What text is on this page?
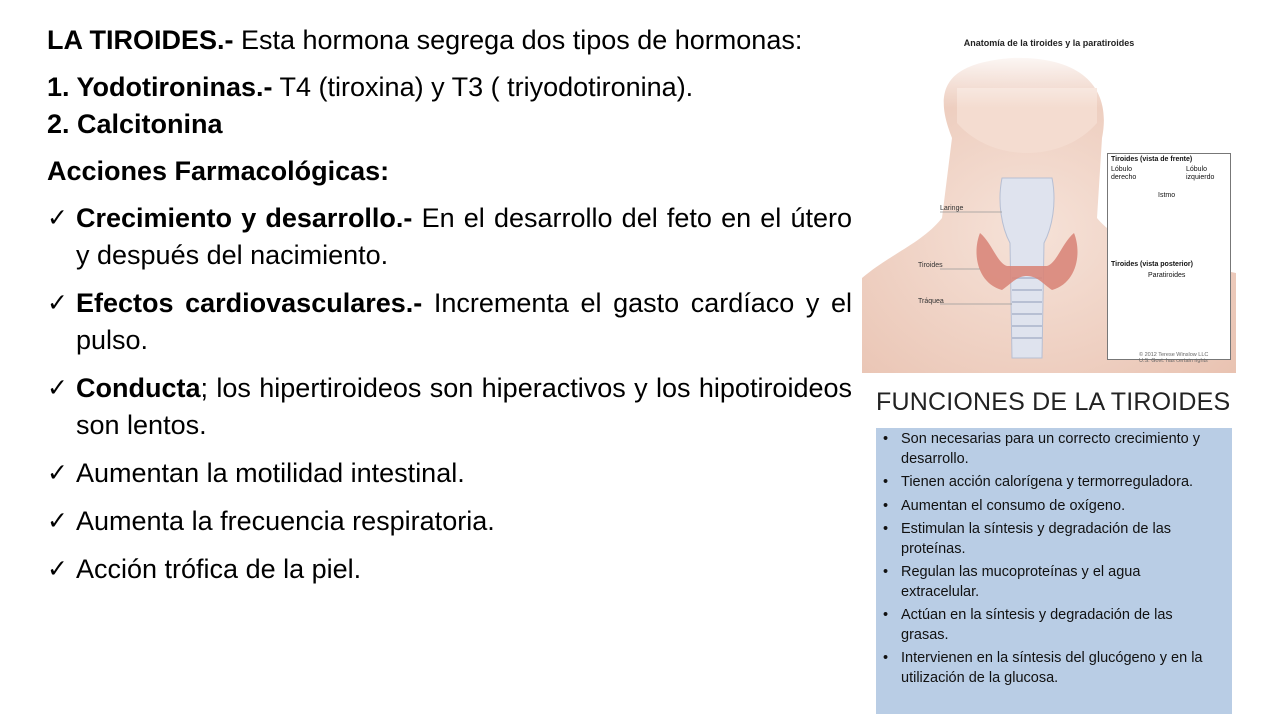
LA TIROIDES.- Esta hormona segrega dos tipos de hormonas:

1. Yodotironinas.- T4 (tiroxina) y T3 ( triyodotironina).

2. Calcitonina

Acciones Farmacológicas:

✓ Crecimiento y desarrollo.- En el desarrollo del feto en el útero y después del nacimiento.
✓ Efectos cardiovasculares.- Incrementa el gasto cardíaco y el pulso.
✓ Conducta; los hipertiroideos son hiperactivos y los hipotiroideos son lentos.
✓ Aumentan la motilidad intestinal.
✓ Aumenta la frecuencia respiratoria.
✓ Acción trófica de la piel.
Anatomía de la tiroides y la paratiroides
Laringe
Tiroides
Tráquea
Tiroides (vista de frente)
Lóbulo derecho
Lóbulo izquierdo
Istmo
Tiroides (vista posterior)
Paratiroides
© 2012 Terese Winslow LLC
U.S. Govt. has certain rights
FUNCIONES DE LA TIROIDES
• Son necesarias para un correcto crecimiento y desarrollo.
• Tienen acción calorígena y termorreguladora.
• Aumentan el consumo de oxígeno.
• Estimulan la síntesis y degradación de las proteínas.
• Regulan las mucoproteínas y el agua extracelular.
• Actúan en la síntesis y degradación de las grasas.
• Intervienen en la síntesis del glucógeno y en la utilización de la glucosa.
